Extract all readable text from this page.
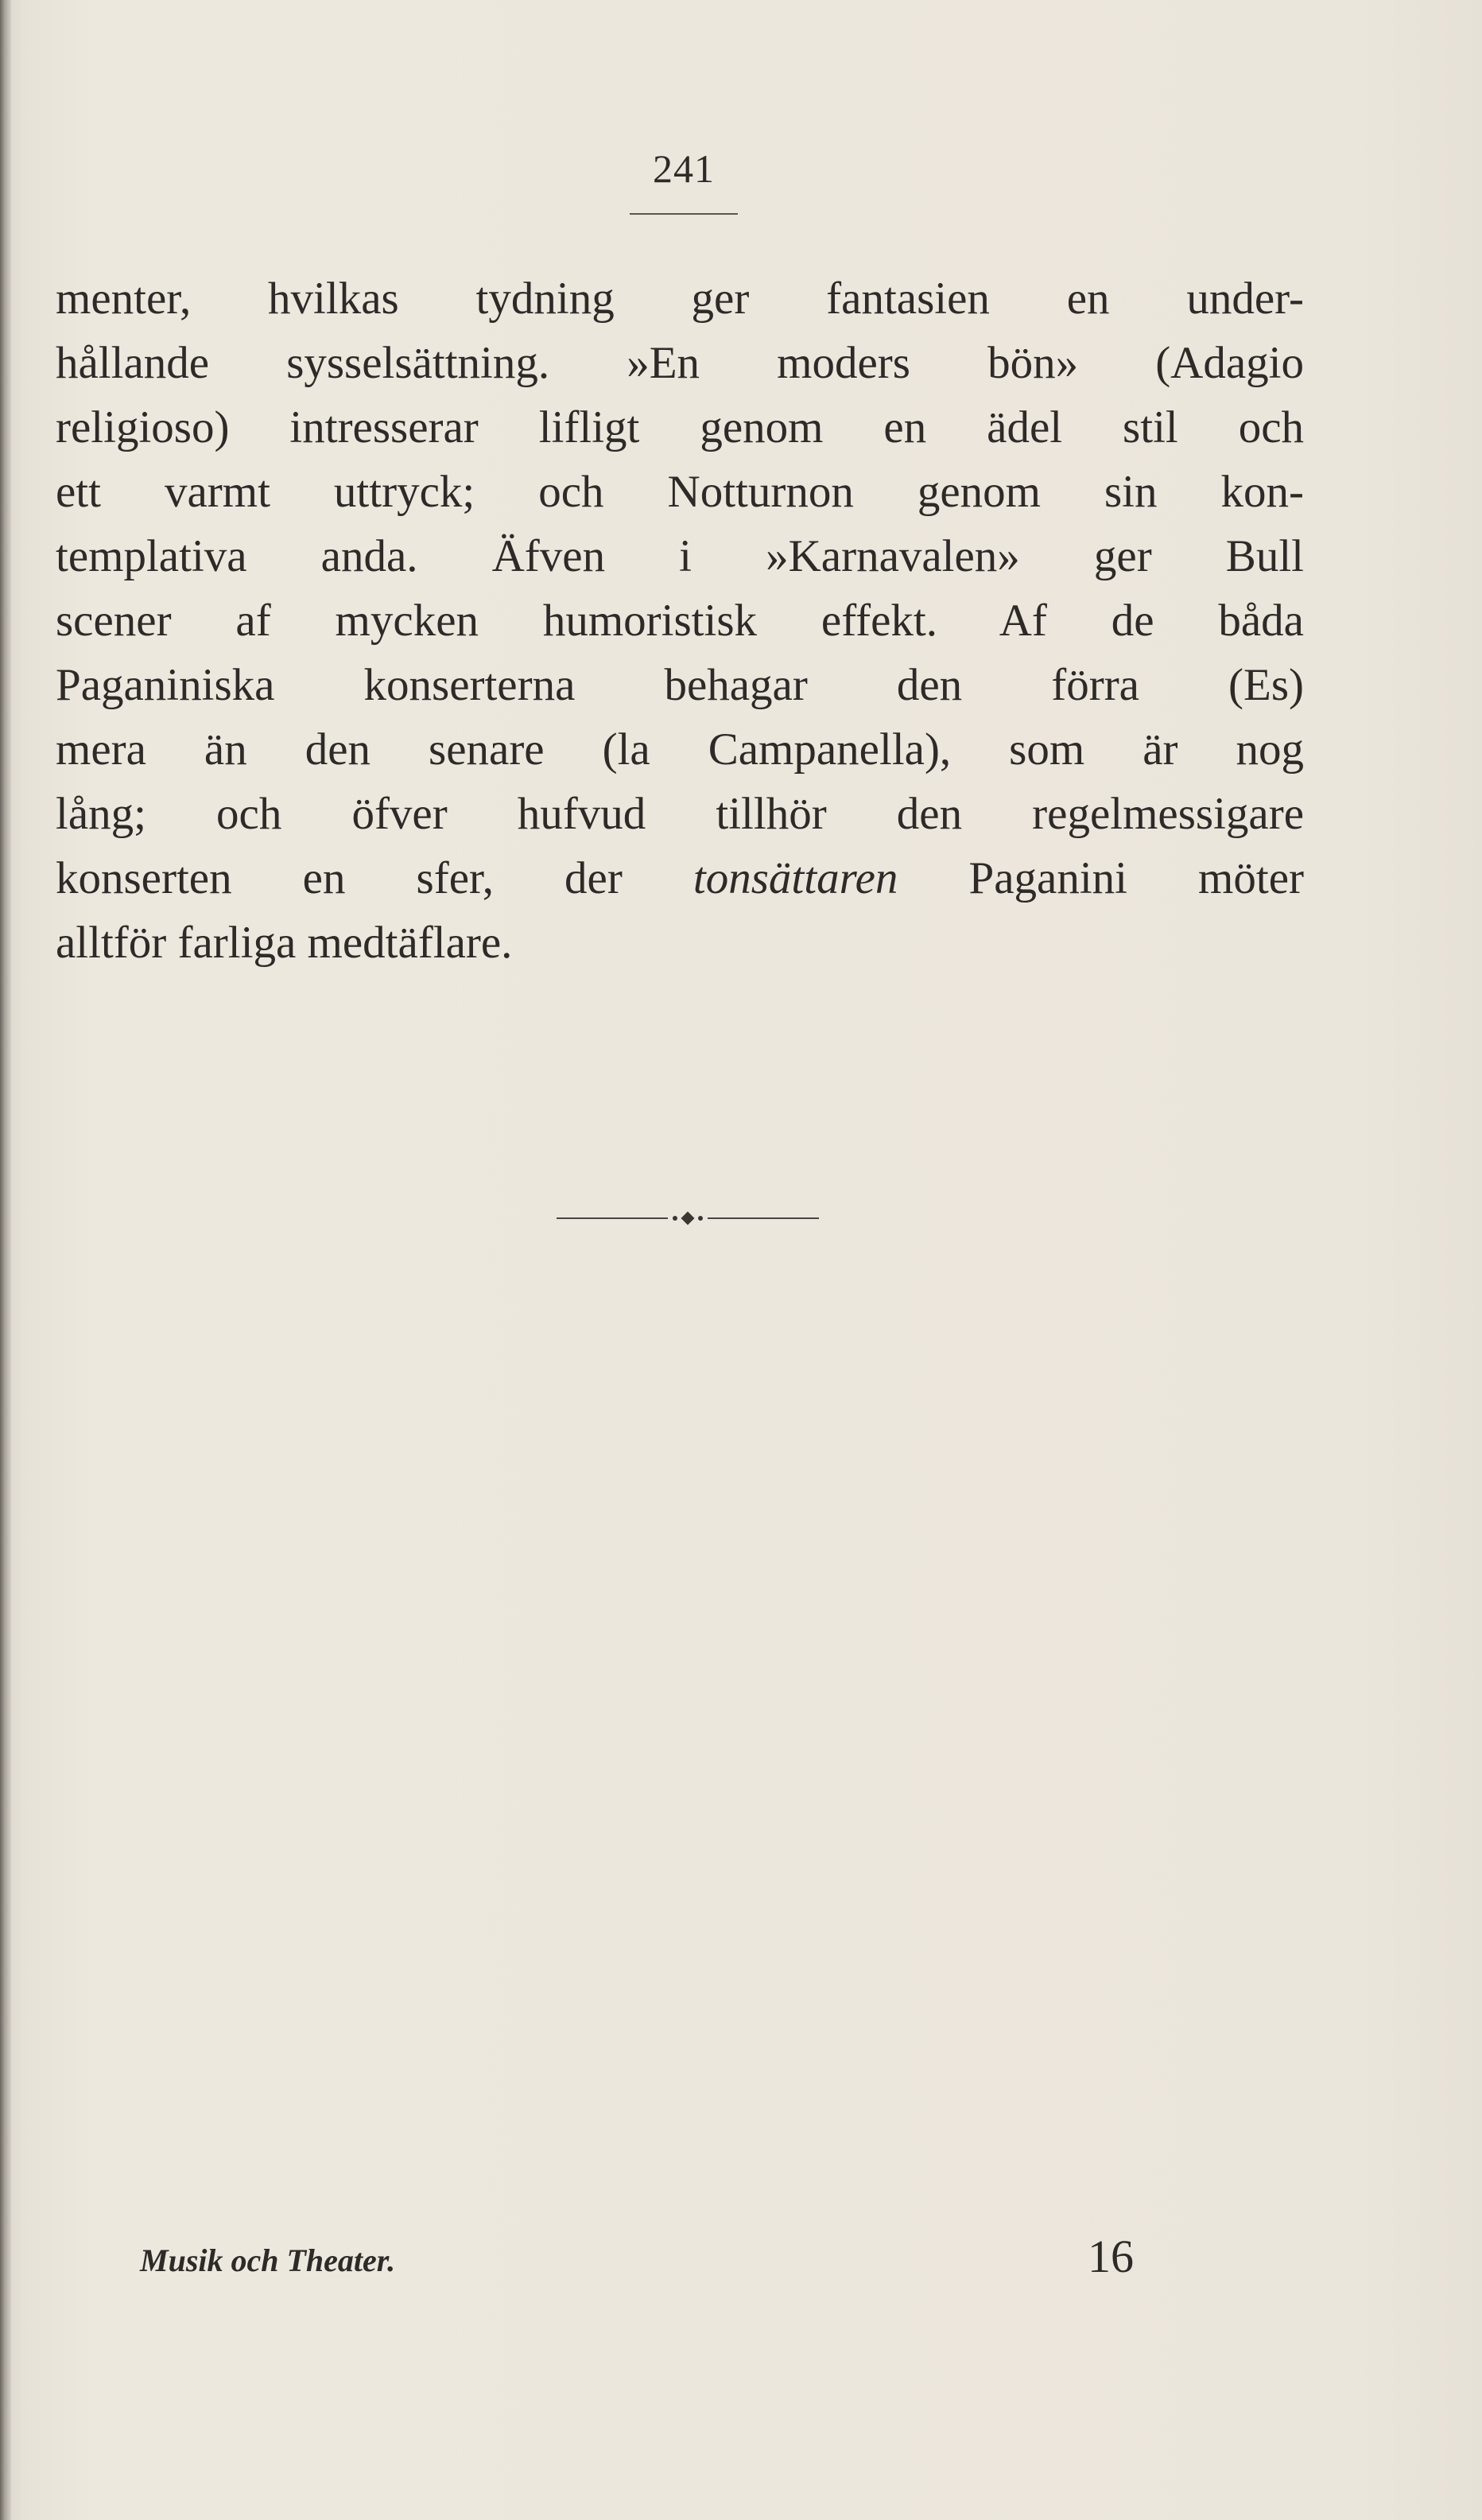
241
menter, hvilkas tydning ger fantasien en under-
hållande sysselsättning. »En moders bön» (Adagio
religioso) intresserar lifligt genom en ädel stil och
ett varmt uttryck; och Notturnon genom sin kon-
templativa anda. Äfven i »Karnavalen» ger Bull
scener af mycken humoristisk effekt. Af de båda
Paganiniska konserterna behagar den förra (Es)
mera än den senare (la Campanella), som är nog
lång; och öfver hufvud tillhör den regelmessigare
konserten en sfer, der tonsättaren Paganini möter
alltför farliga medtäflare.
Musik och Theater.	16
